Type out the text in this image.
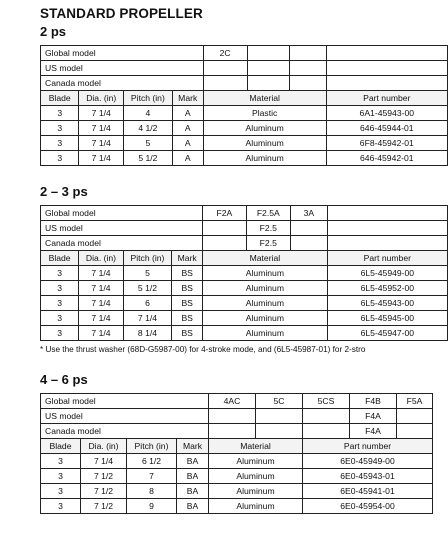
STANDARD PROPELLER
2 ps
Global model				2C			
US model							
Canada model							
Blade	Dia. (in)	Pitch (in)	Mark	Material			Part number
3	7 1/4	4	A	Plastic			6A1-45943-00
3	7 1/4	4 1/2	A	Aluminum			646-45944-01
3	7 1/4	5	A	Aluminum			6F8-45942-01
3	7 1/4	5 1/2	A	Aluminum			646-45942-01
2 – 3 ps
Global model				F2A	F2.5A	3A	
US model					F2.5		
Canada model					F2.5		
Blade	Dia. (in)	Pitch (in)	Mark	Material			Part number
3	7 1/4	5	BS	Aluminum			6L5-45949-00
3	7 1/4	5 1/2	BS	Aluminum			6L5-45952-00
3	7 1/4	6	BS	Aluminum			6L5-45943-00
3	7 1/4	7 1/4	BS	Aluminum			6L5-45945-00
3	7 1/4	8 1/4	BS	Aluminum			6L5-45947-00
* Use the thrust washer (68D-G5987-00) for 4-stroke mode, and (6L5-45987-01) for 2-stro
4 – 6 ps
Global model				4AC	5C	5CS	F4B	F5A
US model							F4A	
Canada model							F4A	
Blade	Dia. (in)	Pitch (in)	Mark	Material		Part number		
3	7 1/4	6 1/2	BA	Aluminum		6E0-45949-00		
3	7 1/2	7	BA	Aluminum		6E0-45943-01		
3	7 1/2	8	BA	Aluminum		6E0-45941-01		
3	7 1/2	9	BA	Aluminum		6E0-45954-00		
